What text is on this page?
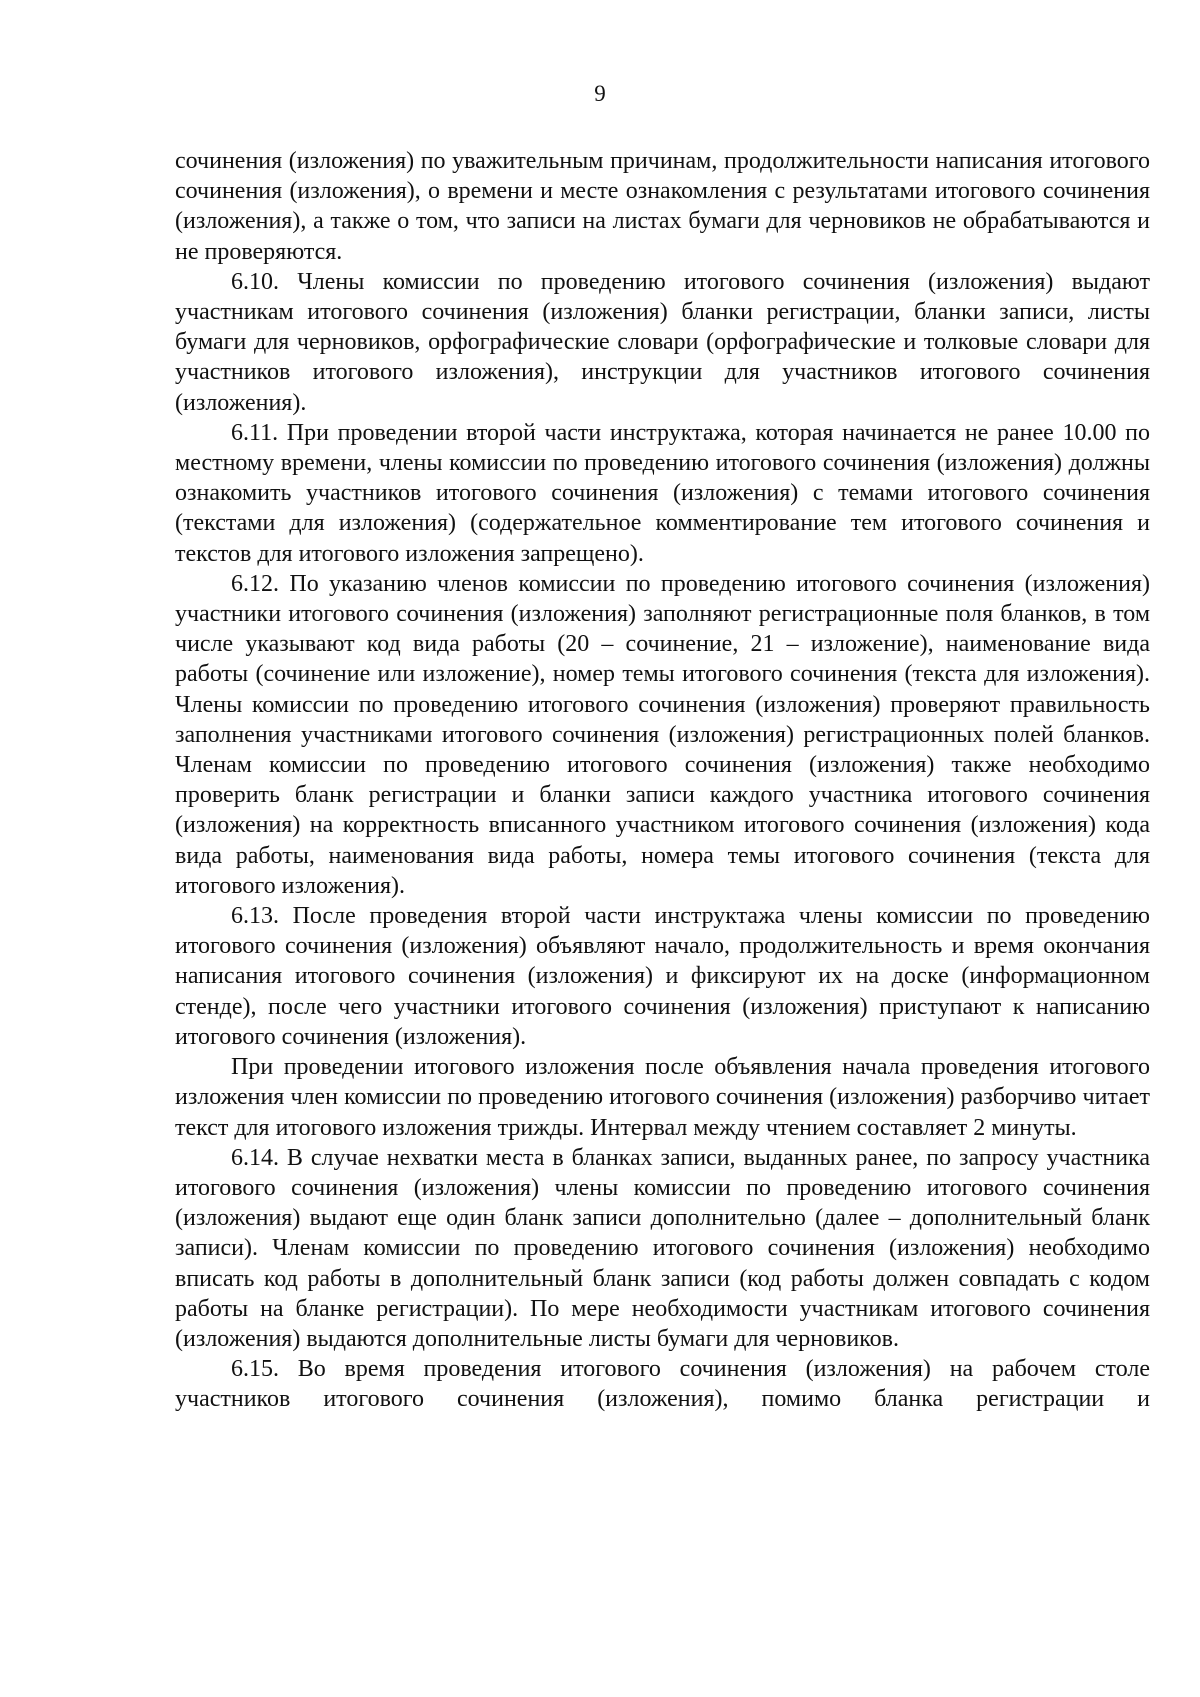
9

сочинения (изложения) по уважительным причинам, продолжительности написания итогового сочинения (изложения), о времени и месте ознакомления с результатами итогового сочинения (изложения), а также о том, что записи на листах бумаги для черновиков не обрабатываются и не проверяются.

6.10. Члены комиссии по проведению итогового сочинения (изложения) выдают участникам итогового сочинения (изложения) бланки регистрации, бланки записи, листы бумаги для черновиков, орфографические словари (орфографические и толковые словари для участников итогового изложения), инструкции для участников итогового сочинения (изложения).

6.11. При проведении второй части инструктажа, которая начинается не ранее 10.00 по местному времени, члены комиссии по проведению итогового сочинения (изложения) должны ознакомить участников итогового сочинения (изложения) с темами итогового сочинения (текстами для изложения) (содержательное комментирование тем итогового сочинения и текстов для итогового изложения запрещено).

6.12. По указанию членов комиссии по проведению итогового сочинения (изложения) участники итогового сочинения (изложения) заполняют регистрационные поля бланков, в том числе указывают код вида работы (20 – сочинение, 21 – изложение), наименование вида работы (сочинение или изложение), номер темы итогового сочинения (текста для изложения). Члены комиссии по проведению итогового сочинения (изложения) проверяют правильность заполнения участниками итогового сочинения (изложения) регистрационных полей бланков. Членам комиссии по проведению итогового сочинения (изложения) также необходимо проверить бланк регистрации и бланки записи каждого участника итогового сочинения (изложения) на корректность вписанного участником итогового сочинения (изложения) кода вида работы, наименования вида работы, номера темы итогового сочинения (текста для итогового изложения).

6.13. После проведения второй части инструктажа члены комиссии по проведению итогового сочинения (изложения) объявляют начало, продолжительность и время окончания написания итогового сочинения (изложения) и фиксируют их на доске (информационном стенде), после чего участники итогового сочинения (изложения) приступают к написанию итогового сочинения (изложения).

При проведении итогового изложения после объявления начала проведения итогового изложения член комиссии по проведению итогового сочинения (изложения) разборчиво читает текст для итогового изложения трижды. Интервал между чтением составляет 2 минуты.

6.14. В случае нехватки места в бланках записи, выданных ранее, по запросу участника итогового сочинения (изложения) члены комиссии по проведению итогового сочинения (изложения) выдают еще один бланк записи дополнительно (далее – дополнительный бланк записи). Членам комиссии по проведению итогового сочинения (изложения) необходимо вписать код работы в дополнительный бланк записи (код работы должен совпадать с кодом работы на бланке регистрации). По мере необходимости участникам итогового сочинения (изложения) выдаются дополнительные листы бумаги для черновиков.

6.15. Во время проведения итогового сочинения (изложения) на рабочем столе участников итогового сочинения (изложения), помимо бланка регистрации и
